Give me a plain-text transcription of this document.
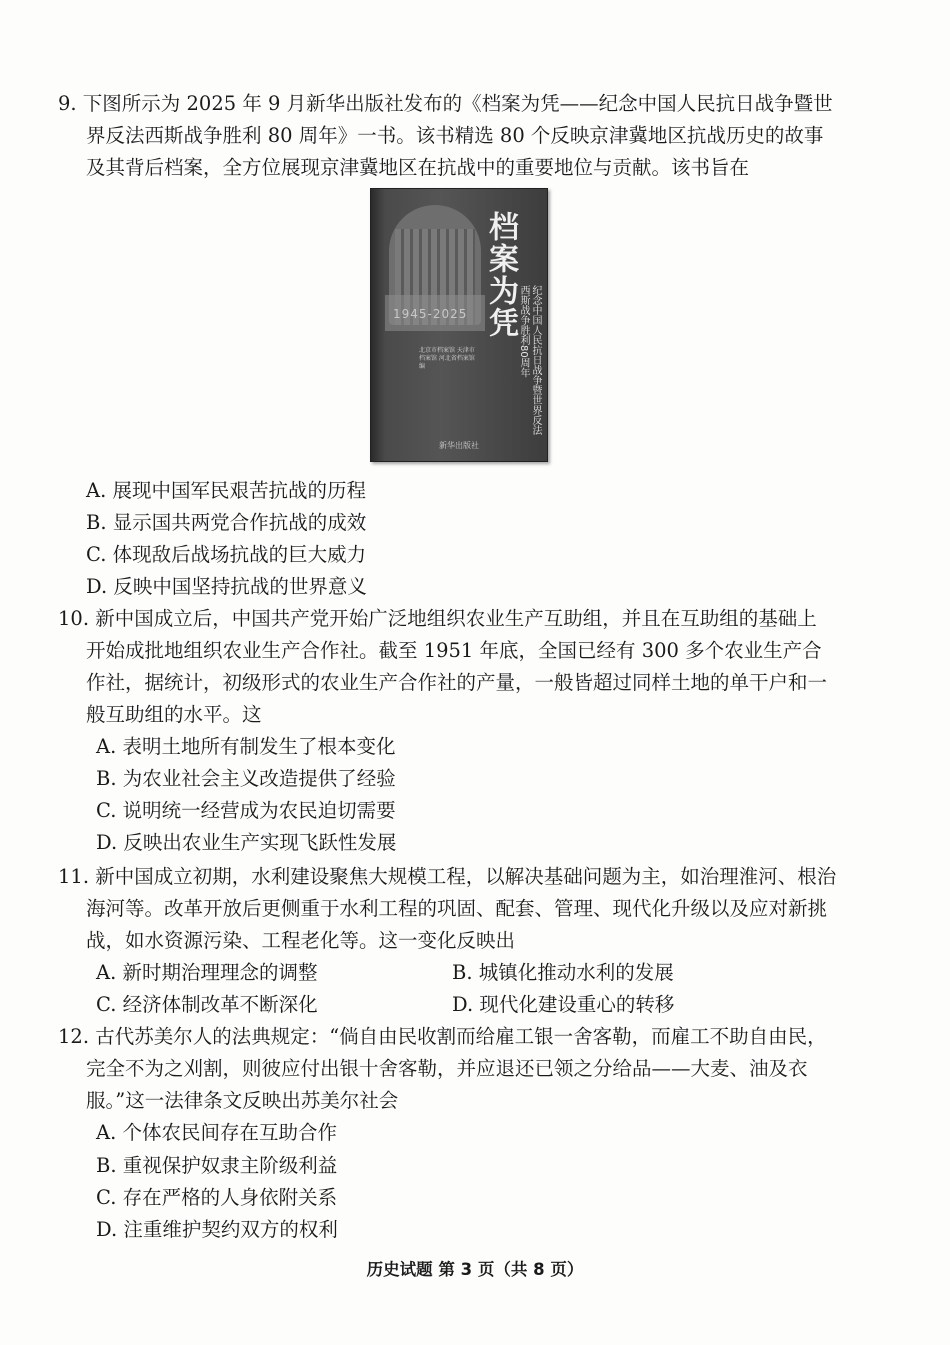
9. 下图所示为 2025 年 9 月新华出版社发布的《档案为凭——纪念中国人民抗日战争暨世
界反法西斯战争胜利 80 周年》一书。该书精选 80 个反映京津冀地区抗战历史的故事
及其背后档案，全方位展现京津冀地区在抗战中的重要地位与贡献。该书旨在
1945-2025 档案为凭
纪念中国人民抗日战争暨世界反法西斯战争胜利80周年
北京市档案馆 天津市档案馆 河北省档案馆 编
新华出版社
A. 展现中国军民艰苦抗战的历程
B. 显示国共两党合作抗战的成效
C. 体现敌后战场抗战的巨大威力
D. 反映中国坚持抗战的世界意义
10. 新中国成立后，中国共产党开始广泛地组织农业生产互助组，并且在互助组的基础上
开始成批地组织农业生产合作社。截至 1951 年底，全国已经有 300 多个农业生产合
作社，据统计，初级形式的农业生产合作社的产量，一般皆超过同样土地的单干户和一
般互助组的水平。这
A. 表明土地所有制发生了根本变化
B. 为农业社会主义改造提供了经验
C. 说明统一经营成为农民迫切需要
D. 反映出农业生产实现飞跃性发展
11. 新中国成立初期，水利建设聚焦大规模工程，以解决基础问题为主，如治理淮河、根治
海河等。改革开放后更侧重于水利工程的巩固、配套、管理、现代化升级以及应对新挑
战，如水资源污染、工程老化等。这一变化反映出
A. 新时期治理理念的调整	B. 城镇化推动水利的发展
C. 经济体制改革不断深化	D. 现代化建设重心的转移
12. 古代苏美尔人的法典规定：“倘自由民收割而给雇工银一舍客勒，而雇工不助自由民，
完全不为之刈割，则彼应付出银十舍客勒，并应退还已领之分给品——大麦、油及衣
服。”这一法律条文反映出苏美尔社会
A. 个体农民间存在互助合作
B. 重视保护奴隶主阶级利益
C. 存在严格的人身依附关系
D. 注重维护契约双方的权利
历史试题 第 3 页（共 8 页）
